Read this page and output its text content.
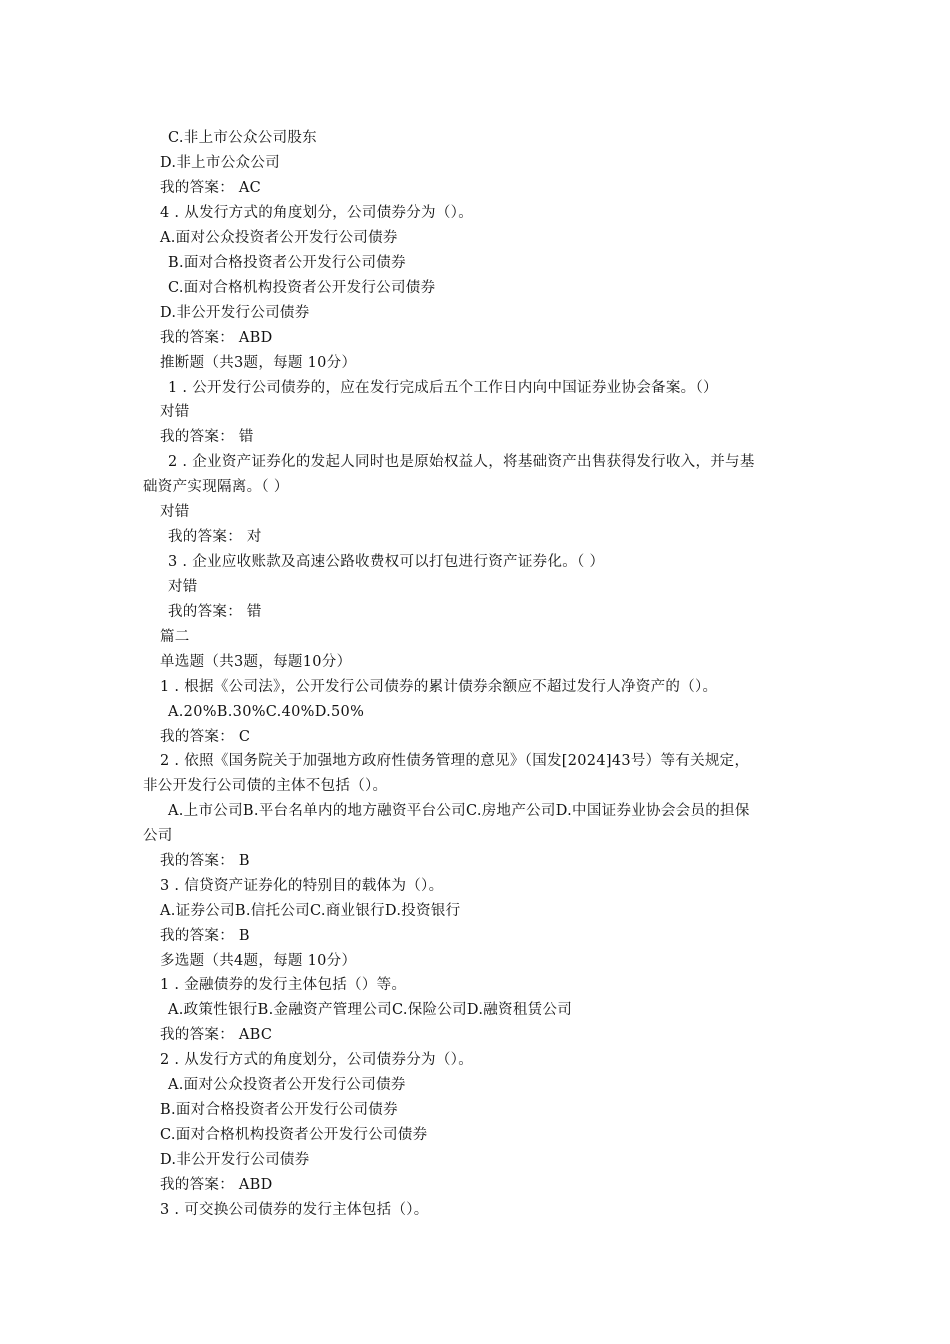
C.非上市公众公司股东
D.非上市公众公司
我的答案： AC
4 . 从发行方式的角度划分，公司债券分为（）。
A.面对公众投资者公开发行公司债券
B.面对合格投资者公开发行公司债券
C.面对合格机构投资者公开发行公司债券
D.非公开发行公司债券
我的答案： ABD
推断题（共3题，每题 10分）
1 . 公开发行公司债券的，应在发行完成后五个工作日内向中国证券业协会备案。（）
对错
我的答案： 错
2 . 企业资产证券化的发起人同时也是原始权益人，将基础资产出售获得发行收入，并与基
础资产实现隔离。（ ）
对错
我的答案： 对
3 . 企业应收账款及高速公路收费权可以打包进行资产证券化。（ ）
对错
我的答案： 错
篇二
单选题（共3题，每题10分）
1 . 根据《公司法》，公开发行公司债券的累计债券余额应不超过发行人净资产的（）。
A.20%B.30%C.40%D.50%
我的答案： C
2 . 依照《国务院关于加强地方政府性债务管理的意见》（国发[2024]43号）等有关规定，
非公开发行公司债的主体不包括（）。
A.上市公司B.平台名单内的地方融资平台公司C.房地产公司D.中国证券业协会会员的担保
公司
我的答案： B
3 . 信贷资产证券化的特别目的载体为（）。
A.证券公司B.信托公司C.商业银行D.投资银行
我的答案： B
多选题（共4题，每题 10分）
1 . 金融债券的发行主体包括（）等。
A.政策性银行B.金融资产管理公司C.保险公司D.融资租赁公司
我的答案： ABC
2 . 从发行方式的角度划分，公司债券分为（）。
A.面对公众投资者公开发行公司债券
B.面对合格投资者公开发行公司债券
C.面对合格机构投资者公开发行公司债券
D.非公开发行公司债券
我的答案： ABD
3 . 可交换公司债券的发行主体包括（）。
